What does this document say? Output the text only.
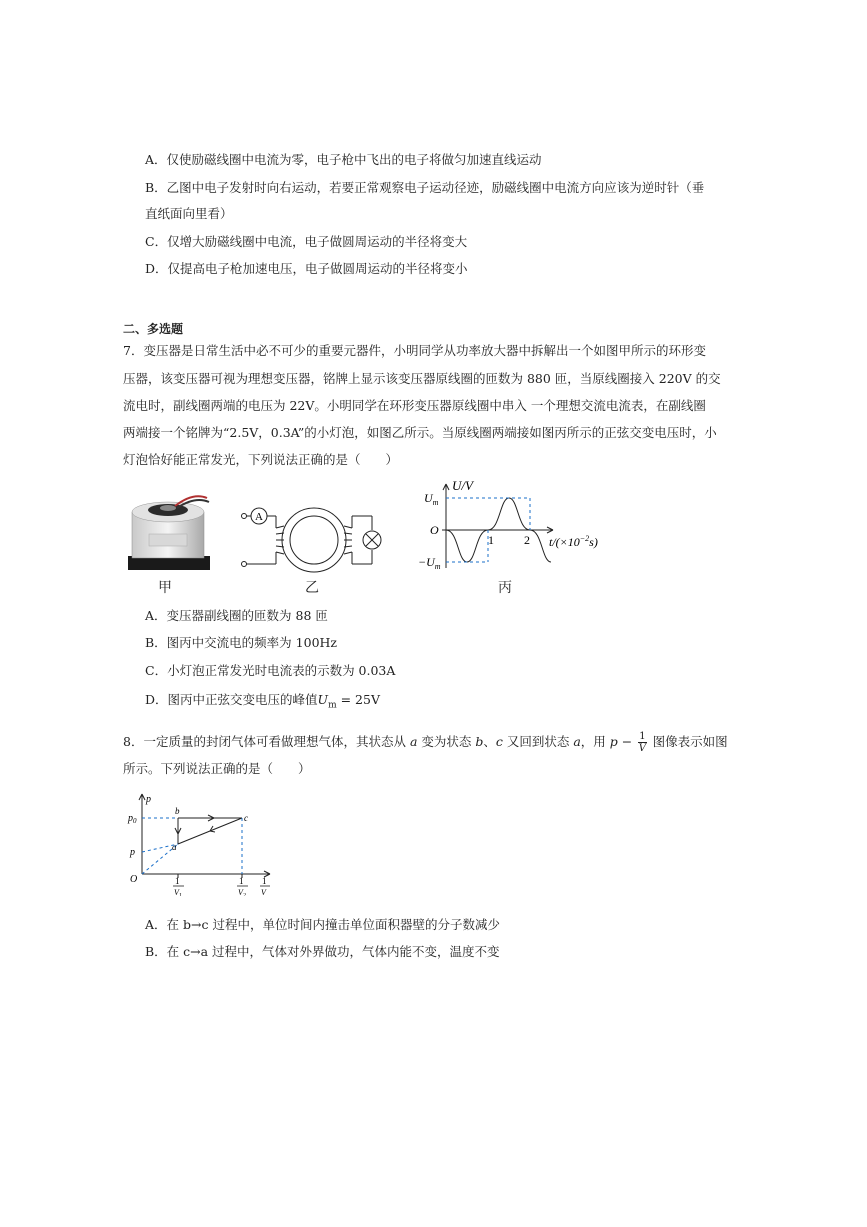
A．仅使励磁线圈中电流为零，电子枪中飞出的电子将做匀加速直线运动
B．乙图中电子发射时向右运动，若要正常观察电子运动径迹，励磁线圈中电流方向应该为逆时针（垂
直纸面向里看）
C．仅增大励磁线圈中电流，电子做圆周运动的半径将变大
D．仅提高电子枪加速电压，电子做圆周运动的半径将变小
二、多选题
7．变压器是日常生活中必不可少的重要元器件，小明同学从功率放大器中拆解出一个如图甲所示的环形变
压器，该变压器可视为理想变压器，铭牌上显示该变压器原线圈的匝数为 880 匝，当原线圈接入 220V 的交
流电时，副线圈两端的电压为 22V。小明同学在环形变压器原线圈中串入 一个理想交流电流表，在副线圈
两端接一个铭牌为“2.5V，0.3A”的小灯泡，如图乙所示。当原线圈两端接如图丙所示的正弦交变电压时，小
灯泡恰好能正常发光，下列说法正确的是（　　）
甲
A
乙
U/V
$U_m$
O
$-U_m$
1	2 $t/(\times 10^{-2}s)$
丙
A．变压器副线圈的匝数为 88 匝
B．图丙中交流电的频率为 100Hz
C．小灯泡正常发光时电流表的示数为 0.03A
D．图丙中正弦交变电压的峰值$U_m = 25V$
8．一定质量的封闭气体可看做理想气体，其状态从 a 变为状态 b、c 又回到状态 a，用 $p - \frac{1}{V}$ 图像表示如图
所示。下列说法正确的是（　　）
p
$p_0$
p
b
c
a
O	1
$V_1$
1
$V_2$
1
V
A．在 b→c 过程中，单位时间内撞击单位面积器壁的分子数减少
B．在 c→a 过程中，气体对外界做功，气体内能不变，温度不变
